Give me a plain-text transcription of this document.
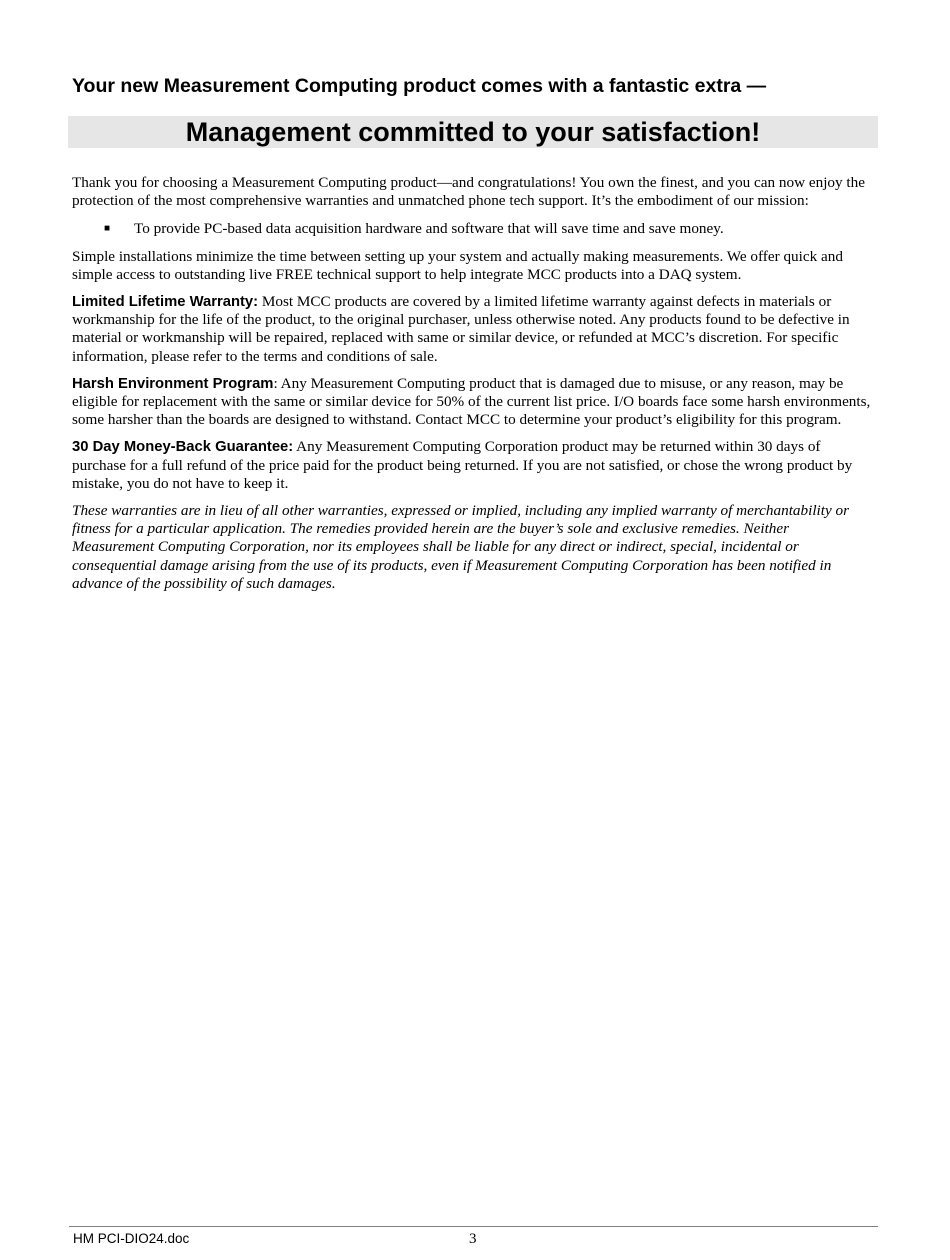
Your new Measurement Computing product comes with a fantastic extra —
Management committed to your satisfaction!

Thank you for choosing a Measurement Computing product—and congratulations! You own the finest, and you can now enjoy the protection of the most comprehensive warranties and unmatched phone tech support. It’s the embodiment of our mission:

■ To provide PC-based data acquisition hardware and software that will save time and save money.

Simple installations minimize the time between setting up your system and actually making measurements. We offer quick and simple access to outstanding live FREE technical support to help integrate MCC products into a DAQ system.

Limited Lifetime Warranty: Most MCC products are covered by a limited lifetime warranty against defects in materials or workmanship for the life of the product, to the original purchaser, unless otherwise noted. Any products found to be defective in material or workmanship will be repaired, replaced with same or similar device, or refunded at MCC’s discretion. For specific information, please refer to the terms and conditions of sale.

Harsh Environment Program: Any Measurement Computing product that is damaged due to misuse, or any reason, may be eligible for replacement with the same or similar device for 50% of the current list price. I/O boards face some harsh environments, some harsher than the boards are designed to withstand. Contact MCC to determine your product’s eligibility for this program.

30 Day Money-Back Guarantee: Any Measurement Computing Corporation product may be returned within 30 days of purchase for a full refund of the price paid for the product being returned. If you are not satisfied, or chose the wrong product by mistake, you do not have to keep it.

These warranties are in lieu of all other warranties, expressed or implied, including any implied warranty of merchantability or fitness for a particular application. The remedies provided herein are the buyer’s sole and exclusive remedies. Neither Measurement Computing Corporation, nor its employees shall be liable for any direct or indirect, special, incidental or consequential damage arising from the use of its products, even if Measurement Computing Corporation has been notified in advance of the possibility of such damages.

HM PCI-DIO24.doc	3
